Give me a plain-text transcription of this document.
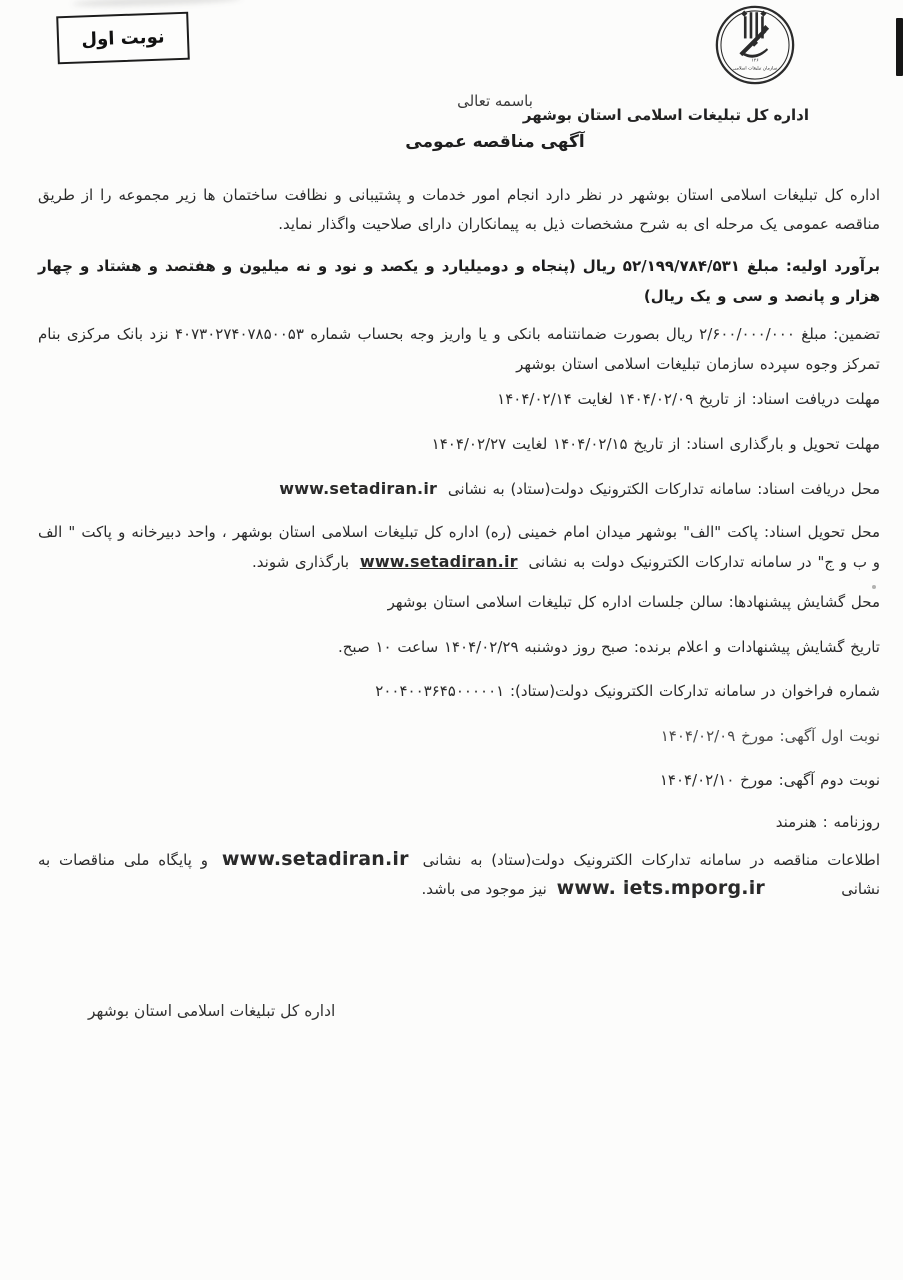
نوبت اول
۱۳۶
سازمان تبلیغات اسلامی
اداره کل تبلیغات اسلامی استان بوشهر
باسمه تعالی
آگهی مناقصه عمومی

اداره کل تبلیغات اسلامی استان بوشهر در نظر دارد انجام امور خدمات و پشتیبانی و نظافت ساختمان ها زیر مجموعه را از طریق مناقصه عمومی یک مرحله ای به شرح مشخصات ذیل به پیمانکاران دارای صلاحیت واگذار نماید.

برآورد اولیه: مبلغ ۵۲/۱۹۹/۷۸۴/۵۳۱ ریال (پنجاه و دومیلیارد و یکصد و نود و نه میلیون و هفتصد و هشتاد و چهار هزار و پانصد و سی و یک ریال)

تضمین: مبلغ ۲/۶۰۰/۰۰۰/۰۰۰ ریال بصورت ضمانتنامه بانکی و یا واریز وجه بحساب شماره ۴۰۷۳۰۲۷۴۰۷۸۵۰۰۵۳ نزد بانک مرکزی بنام تمرکز وجوه سپرده سازمان تبلیغات اسلامی استان بوشهر

مهلت دریافت اسناد: از تاریخ ۱۴۰۴/۰۲/۰۹ لغایت ۱۴۰۴/۰۲/۱۴
مهلت تحویل و بارگذاری اسناد: از تاریخ ۱۴۰۴/۰۲/۱۵ لغایت ۱۴۰۴/۰۲/۲۷
محل دریافت اسناد: سامانه تدارکات الکترونیک دولت(ستاد) به نشانی www.setadiran.ir

محل تحویل اسناد: پاکت "الف" بوشهر میدان امام خمینی (ره) اداره کل تبلیغات اسلامی استان بوشهر ، واحد دبیرخانه و پاکت " الف و ب و ج" در سامانه تدارکات الکترونیک دولت به نشانی www.setadiran.ir بارگذاری شوند.

محل گشایش پیشنهادها: سالن جلسات اداره کل تبلیغات اسلامی استان بوشهر
تاریخ گشایش پیشنهادات و اعلام برنده: صبح روز دوشنبه ۱۴۰۴/۰۲/۲۹ ساعت ۱۰ صبح.
شماره فراخوان در سامانه تدارکات الکترونیک دولت(ستاد): ۲۰۰۴۰۰۳۶۴۵۰۰۰۰۰۱
نوبت اول آگهی: مورخ ۱۴۰۴/۰۲/۰۹
نوبت دوم آگهی: مورخ ۱۴۰۴/۰۲/۱۰
روزنامه : هنرمند

اطلاعات مناقصه در سامانه تدارکات الکترونیک دولت(ستاد) به نشانی www.setadiran.ir و پایگاه ملی مناقصات به نشانی

www. iets.mporg.ir نیز موجود می باشد.
اداره کل تبلیغات اسلامی استان بوشهر
